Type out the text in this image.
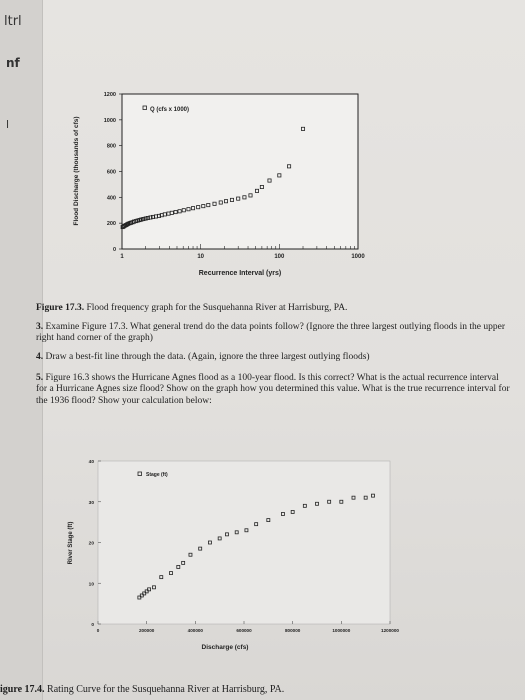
ltrl
nf
l
1	10	100	1000
0
200
400
600
800
1000
1200
Q (cfs x 1000)
Recurrence Interval (yrs)
Flood Discharge (thousands of cfs)
Figure 17.3. Flood frequency graph for the Susquehanna River at Harrisburg, PA.
3. Examine Figure 17.3. What general trend do the data points follow? (Ignore the three largest outlying floods in the upper right hand corner of the graph)
4. Draw a best-fit line through the data. (Again, ignore the three largest outlying floods)
5. Figure 16.3 shows the Hurricane Agnes flood as a 100-year flood. Is this correct? What is the actual recurrence interval for a Hurricane Agnes size flood? Show on the graph how you determined this value. What is the true recurrence interval for the 1936 flood? Show your calculation below:
0	200000	400000	600000	800000	1000000	1200000
0
10
20
30
40
Stage (ft)
Discharge (cfs)
River Stage (ft)
igure 17.4. Rating Curve for the Susquehanna River at Harrisburg, PA.
